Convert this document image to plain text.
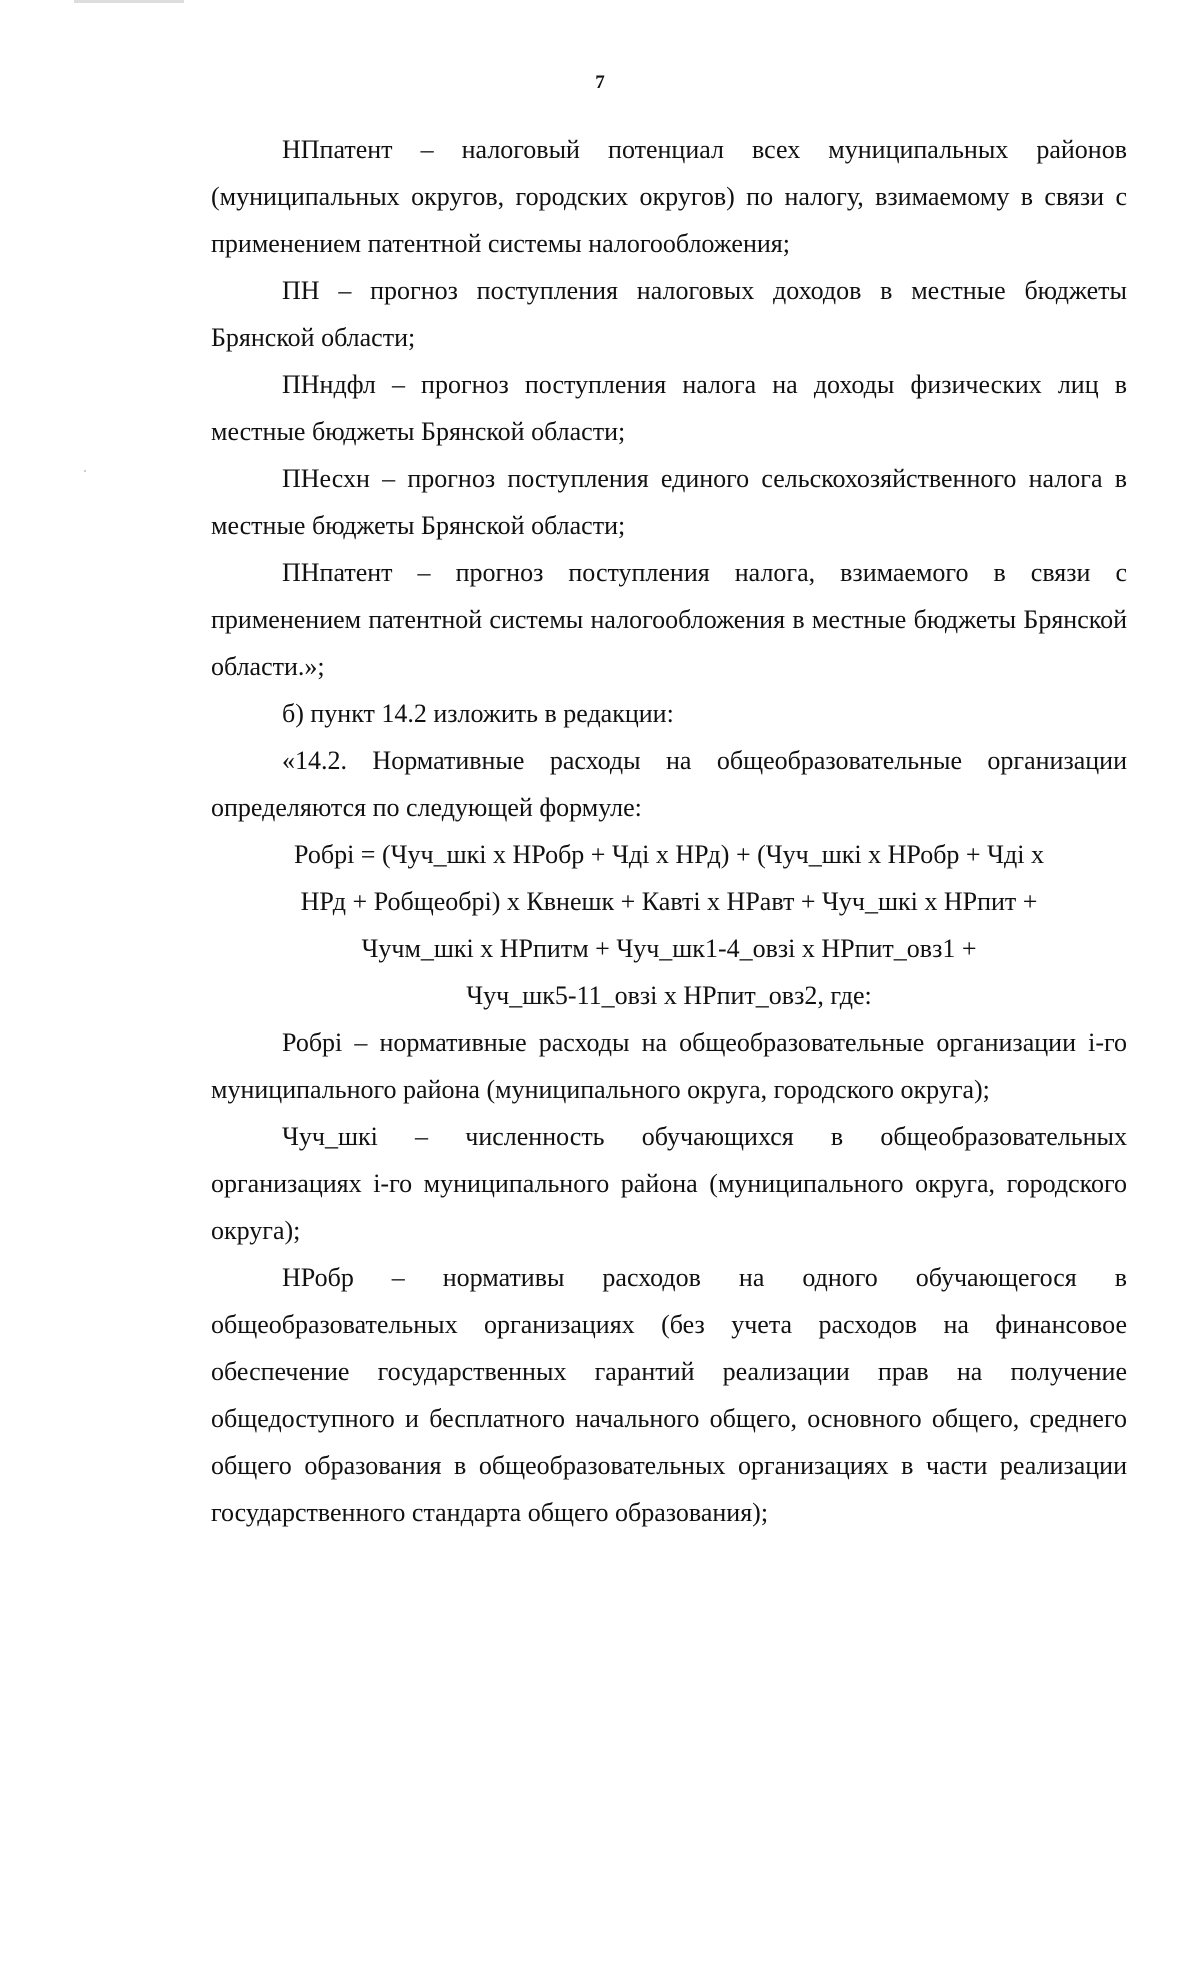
7

НПпатент – налоговый потенциал всех муниципальных районов (муниципальных округов, городских округов) по налогу, взимаемому в связи с применением патентной системы налогообложения;

ПН – прогноз поступления налоговых доходов в местные бюджеты Брянской области;

ПНндфл – прогноз поступления налога на доходы физических лиц в местные бюджеты Брянской области;

ПНесхн – прогноз поступления единого сельскохозяйственного налога в местные бюджеты Брянской области;

ПНпатент – прогноз поступления налога, взимаемого в связи с применением патентной системы налогообложения в местные бюджеты Брянской области.»;

б) пункт 14.2 изложить в редакции:

«14.2. Нормативные расходы на общеобразовательные организации определяются по следующей формуле:

Робрi = (Чуч_шкi x НРобр + Чдi x НРд) + (Чуч_шкi x НРобр + Чдi x

НРд + Робщеобрi) x Квнешк + Кавтi x НРавт + Чуч_шкi x НРпит +

Чучм_шкi x НРпитм + Чуч_шк1-4_овзi x НРпит_овз1 +

Чуч_шк5-11_овзi x НРпит_овз2, где:

Робрi – нормативные расходы на общеобразовательные организации i-го муниципального района (муниципального округа, городского округа);

Чуч_шкi – численность обучающихся в общеобразовательных организациях i-го муниципального района (муниципального округа, городского округа);

НРобр – нормативы расходов на одного обучающегося в общеобразовательных организациях (без учета расходов на финансовое обеспечение государственных гарантий реализации прав на получение общедоступного и бесплатного начального общего, основного общего, среднего общего образования в общеобразовательных организациях в части реализации государственного стандарта общего образования);
